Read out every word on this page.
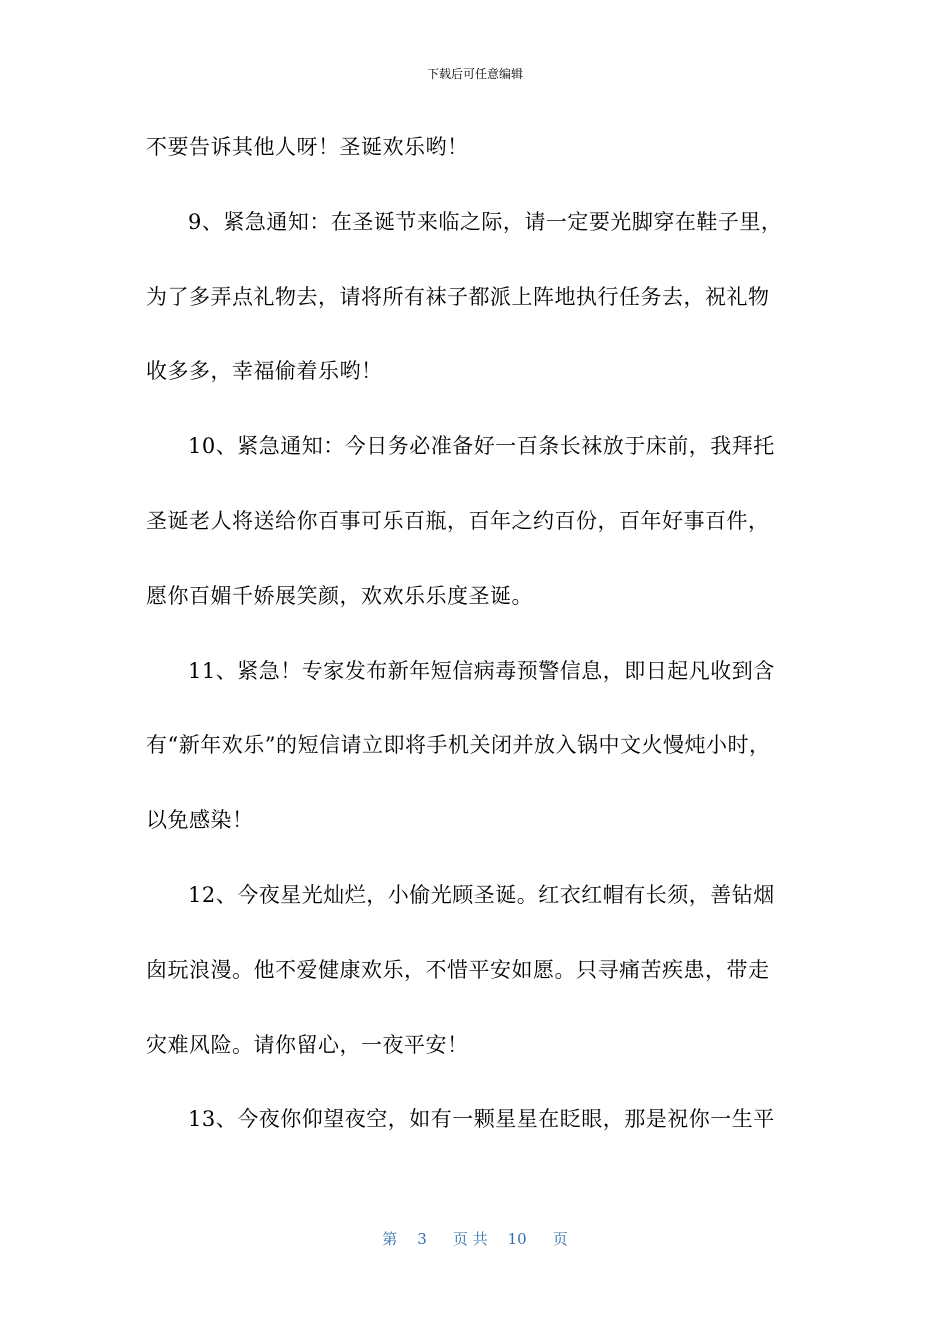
下载后可任意编辑
不要告诉其他人呀！圣诞欢乐哟！
9、紧急通知：在圣诞节来临之际，请一定要光脚穿在鞋子里，
为了多弄点礼物去，请将所有袜子都派上阵地执行任务去，祝礼物
收多多，幸福偷着乐哟！
10、紧急通知：今日务必准备好一百条长袜放于床前，我拜托
圣诞老人将送给你百事可乐百瓶，百年之约百份，百年好事百件，
愿你百媚千娇展笑颜，欢欢乐乐度圣诞。
11、紧急！专家发布新年短信病毒预警信息，即日起凡收到含
有“新年欢乐”的短信请立即将手机关闭并放入锅中文火慢炖小时，
以免感染！
12、今夜星光灿烂，小偷光顾圣诞。红衣红帽有长须，善钻烟
囱玩浪漫。他不爱健康欢乐，不惜平安如愿。只寻痛苦疾患，带走
灾难风险。请你留心，一夜平安！
13、今夜你仰望夜空，如有一颗星星在眨眼，那是祝你一生平
第 3 页 共 10 页
